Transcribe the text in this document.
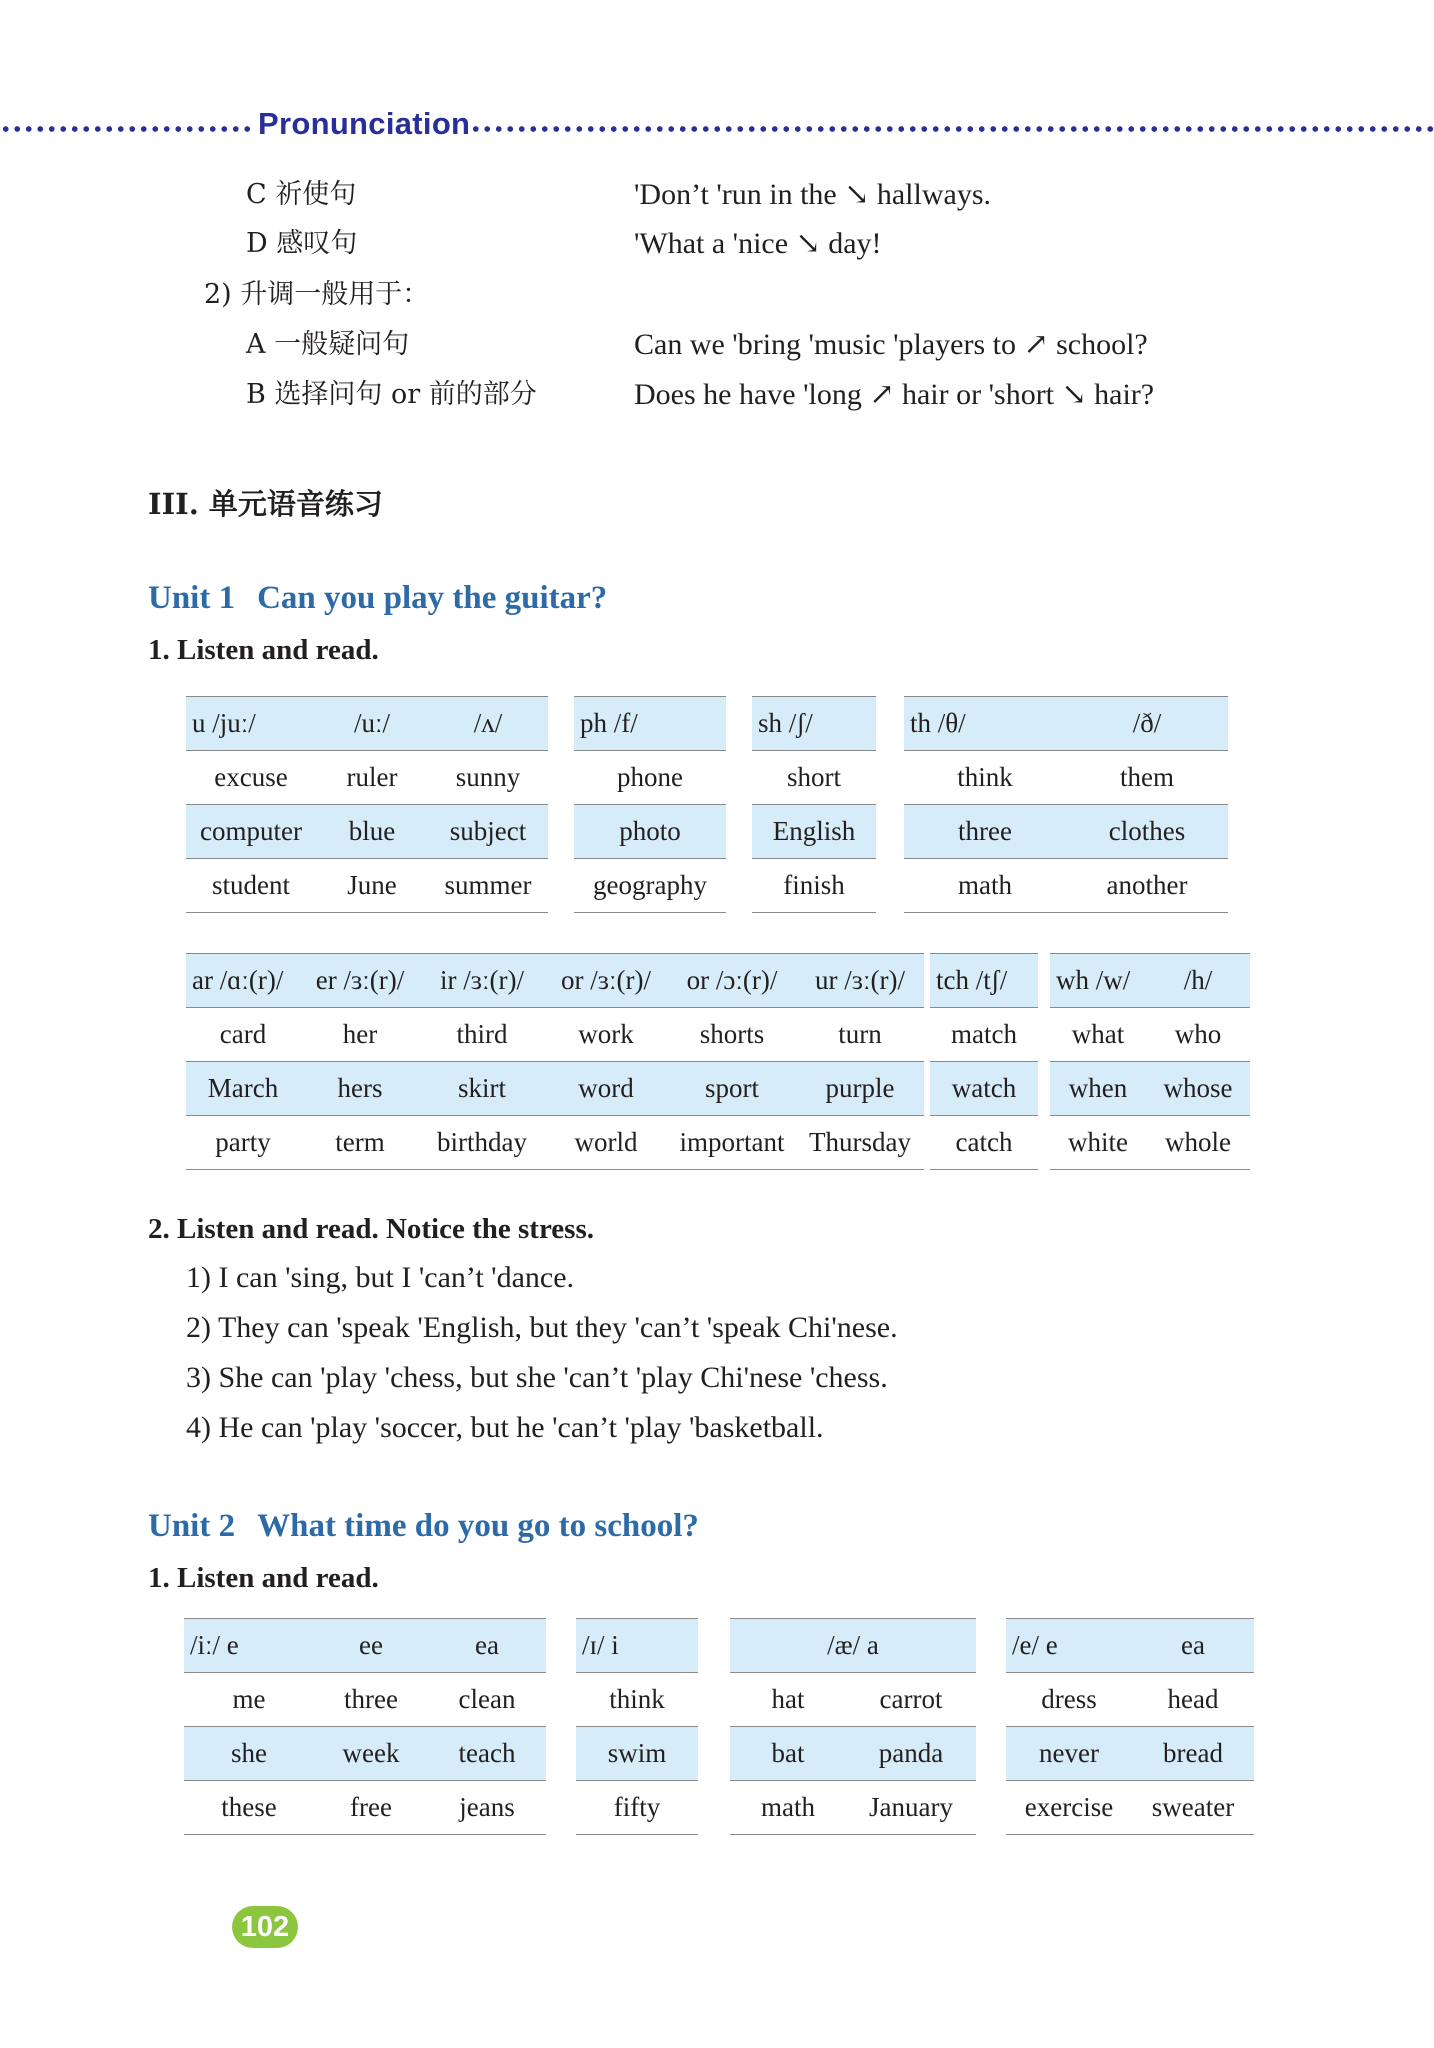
Pronunciation
C 祈使句	'Don’t 'run in the ↘ hallways.
D 感叹句	'What a 'nice ↘ day!
2) 升调一般用于：
A 一般疑问句	Can we 'bring 'music 'players to ↗ school?
B 选择问句 or 前的部分	Does he have 'long ↗ hair or 'short ↘ hair?
III. 单元语音练习
Unit 1 Can you play the guitar?
1. Listen and read.
u /juː/	/uː/	/ʌ/
excuse	ruler	sunny
computer	blue	subject
student	June	summer
ph /f/
phone
photo
geography
sh /ʃ/
short
English
finish
th /θ/	/ð/
think	them
three	clothes
math	another
ar /ɑː(r)/	er /ɜː(r)/	ir /ɜː(r)/	or /ɜː(r)/	or /ɔː(r)/	ur /ɜː(r)/
card	her	third	work	shorts	turn
March	hers	skirt	word	sport	purple
party	term	birthday	world	important	Thursday
tch /tʃ/
match
watch
catch
wh /w/	/h/
what	who
when	whose
white	whole
2. Listen and read. Notice the stress.
1) I can 'sing, but I 'can’t 'dance.
2) They can 'speak 'English, but they 'can’t 'speak Chi'nese.
3) She can 'play 'chess, but she 'can’t 'play Chi'nese 'chess.
4) He can 'play 'soccer, but he 'can’t 'play 'basketball.
Unit 2 What time do you go to school?
1. Listen and read.
/iː/ e	ee	ea
me	three	clean
she	week	teach
these	free	jeans
/ɪ/ i
think
swim
fifty
/æ/ a	
hat	carrot
bat	panda
math	January
/e/ e	ea
dress	head
never	bread
exercise	sweater
102
